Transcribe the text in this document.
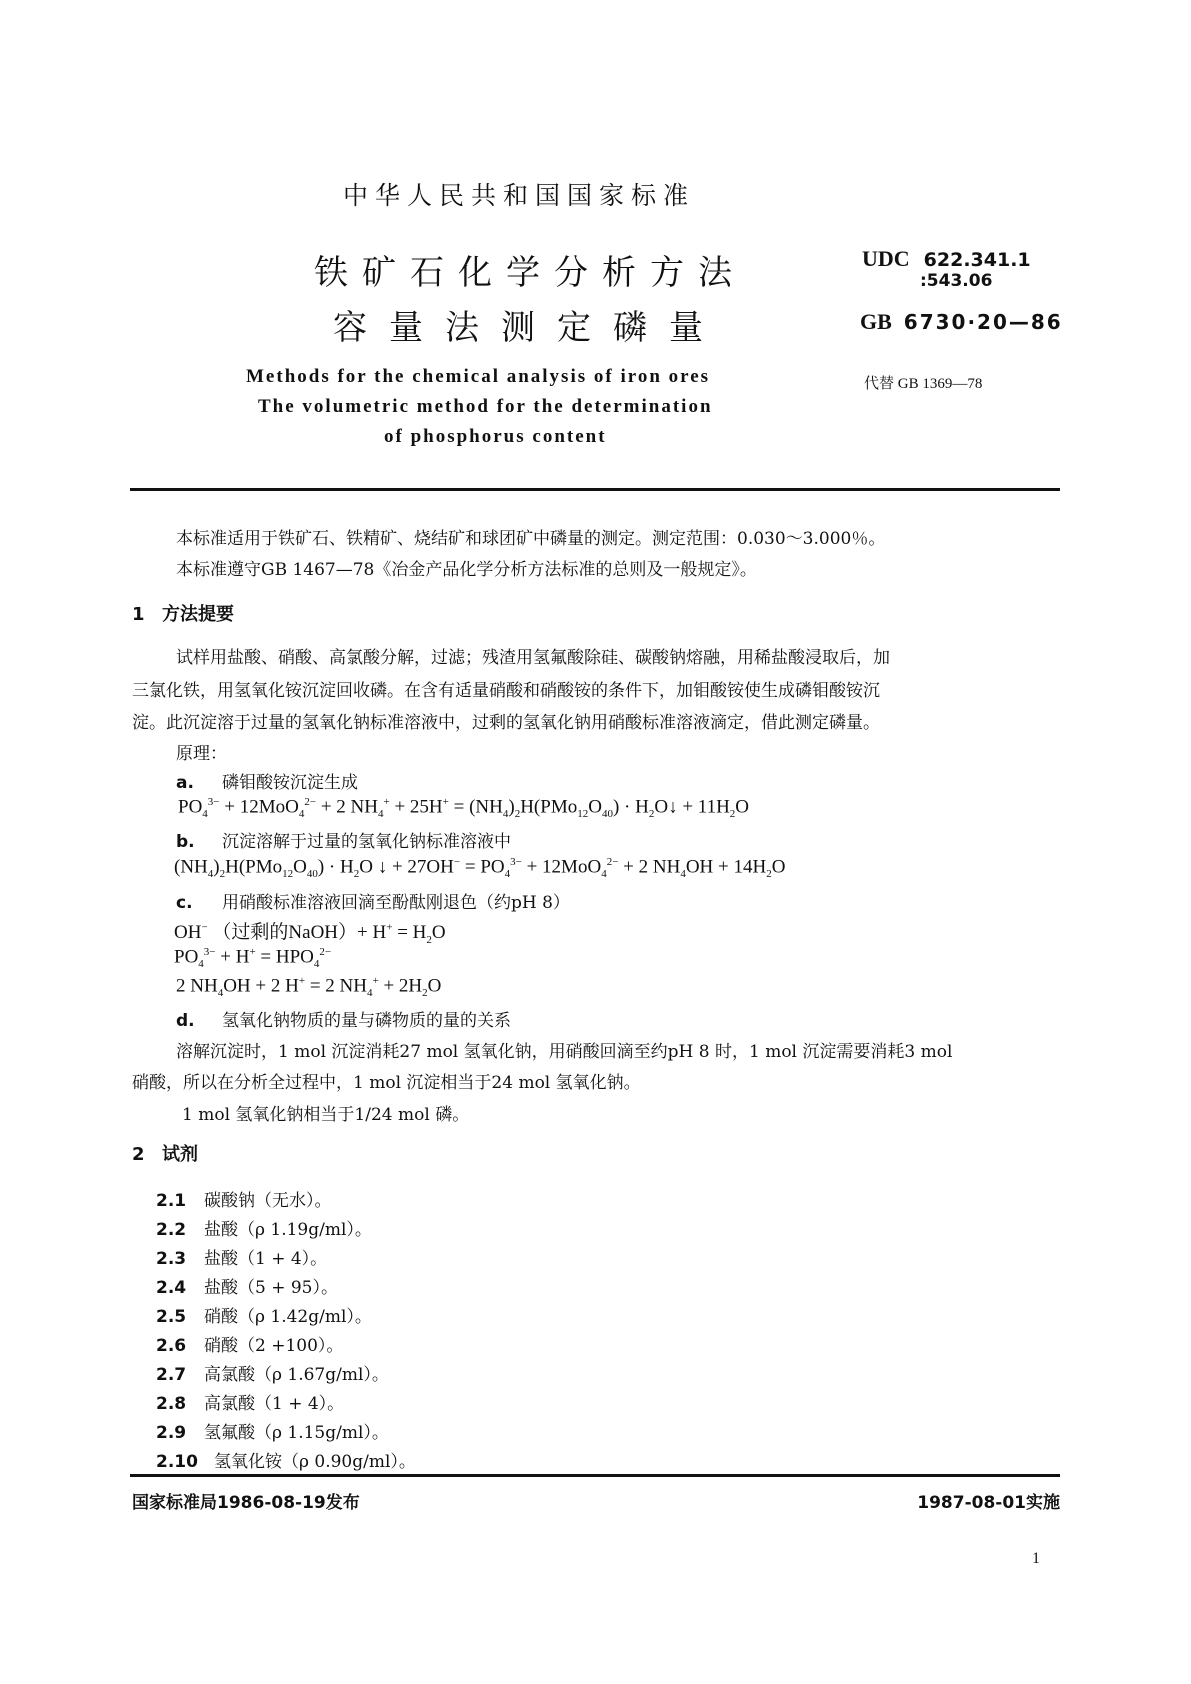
中华人民共和国国家标准
铁矿石化学分析方法
容量法测定磷量
UDC 622.341.1
:543.06
GB 6730·20—86
代替 GB 1369—78
Methods for the chemical analysis of iron ores
The volumetric method for the determination
of phosphorus content
本标准适用于铁矿石、铁精矿、烧结矿和球团矿中磷量的测定。测定范围：0.030～3.000％。
本标准遵守GB 1467—78《冶金产品化学分析方法标准的总则及一般规定》。
1 方法提要
试样用盐酸、硝酸、高氯酸分解，过滤；残渣用氢氟酸除硅、碳酸钠熔融，用稀盐酸浸取后，加
三氯化铁，用氢氧化铵沉淀回收磷。在含有适量硝酸和硝酸铵的条件下，加钼酸铵使生成磷钼酸铵沉
淀。此沉淀溶于过量的氢氧化钠标准溶液中，过剩的氢氧化钠用硝酸标准溶液滴定，借此测定磷量。
原理：
a. 磷钼酸铵沉淀生成
$PO_4^{3-} + 12MoO_4^{2-} + 2$ $NH_4^+ + 25H^+ = (NH_4)_2H(PMo_{12}O_{40})$ · $H_2O↓ + 11H_2O$
b. 沉淀溶解于过量的氢氧化钠标准溶液中
$(NH_4)_2H(PMo_{12}O_{40}) \cdot H_2O$ ↓ + $27OH^- = PO_4^{3-} + 12MoO_4^{2-} + 2$ $NH_4OH + 14H_2O$
c. 用硝酸标准溶液回滴至酚酞刚退色（约pH 8）
OH− （过剩的NaOH）+ $H^+ = H_2O$
$PO_4^{3-} + H^+ = HPO_4^{2-}$
2 $NH_4OH + 2$ H+ = 2 $NH_4^+ + 2H_2O$
d. 氢氧化钠物质的量与磷物质的量的关系
溶解沉淀时，1 mol 沉淀消耗27 mol 氢氧化钠，用硝酸回滴至约pH 8 时，1 mol 沉淀需要消耗3 mol
硝酸，所以在分析全过程中，1 mol 沉淀相当于24 mol 氢氧化钠。
1 mol 氢氧化钠相当于1/24 mol 磷。
2 试剂
2.1 碳酸钠（无水）。
2.2 盐酸（ρ 1.19g/ml）。
2.3 盐酸（1 + 4）。
2.4 盐酸（5 + 95）。
2.5 硝酸（ρ 1.42g/ml）。
2.6 硝酸（2 +100）。
2.7 高氯酸（ρ 1.67g/ml）。
2.8 高氯酸（1 + 4）。
2.9 氢氟酸（ρ 1.15g/ml）。
2.10 氢氧化铵（ρ 0.90g/ml）。
国家标准局1986-08-19发布	1987-08-01实施
1
